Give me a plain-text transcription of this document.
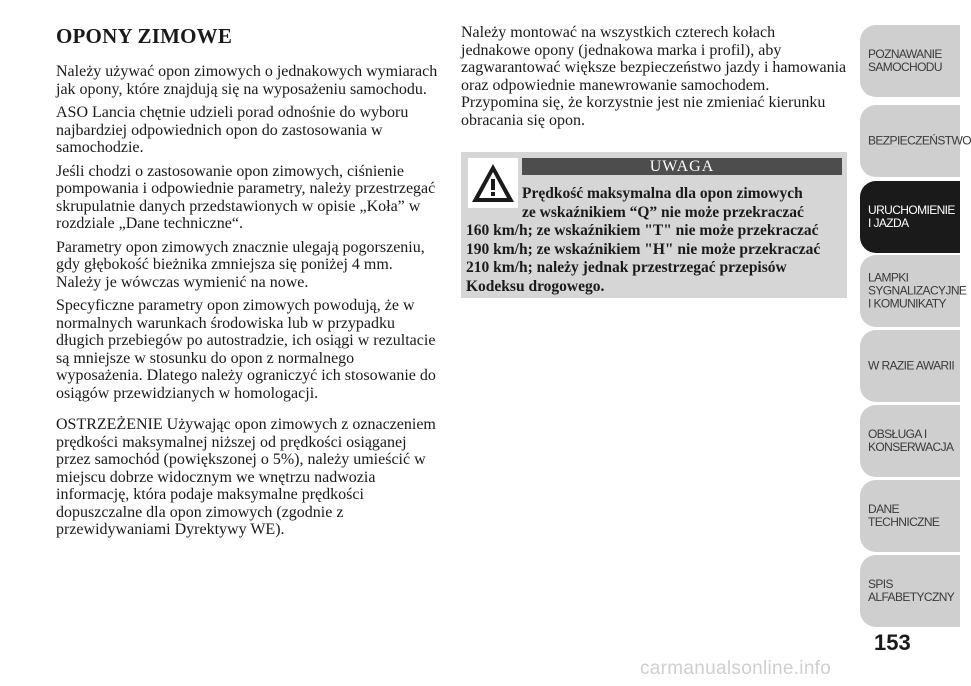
OPONY ZIMOWE

Należy używać opon zimowych o jednakowych wymiarach jak opony, które znajdują się na wyposażeniu samochodu.

ASO Lancia chętnie udzieli porad odnośnie do wyboru najbardziej odpowiednich opon do zastosowania w samochodzie.

Jeśli chodzi o zastosowanie opon zimowych, ciśnienie pompowania i odpowiednie parametry, należy przestrzegać skrupulatnie danych przedstawionych w opisie „Koła” w rozdziale „Dane techniczne“.

Parametry opon zimowych znacznie ulegają pogorszeniu, gdy głębokość bieżnika zmniejsza się poniżej 4 mm. Należy je wówczas wymienić na nowe.

Specyficzne parametry opon zimowych powodują, że w normalnych warunkach środowiska lub w przypadku długich przebiegów po autostradzie, ich osiągi w rezultacie są mniejsze w stosunku do opon z normalnego wyposażenia. Dlatego należy ograniczyć ich stosowanie do osiągów przewidzianych w homologacji.

OSTRZEŻENIE Używając opon zimowych z oznaczeniem prędkości maksymalnej niższej od prędkości osiąganej przez samochód (powiększonej o 5%), należy umieścić w miejscu dobrze widocznym we wnętrzu nadwozia informację, która podaje maksymalne prędkości dopuszczalne dla opon zimowych (zgodnie z przewidywaniami Dyrektywy WE).

Należy montować na wszystkich czterech kołach jednakowe opony (jednakowa marka i profil), aby zagwarantować większe bezpieczeństwo jazdy i hamowania oraz odpowiednie manewrowanie samochodem. Przypomina się, że korzystnie jest nie zmieniać kierunku obracania się opon.

UWAGA
Prędkość maksymalna dla opon zimowych
ze wskaźnikiem “Q” nie może przekraczać
160 km/h; ze wskaźnikiem "T" nie może przekraczać 190 km/h; ze wskaźnikiem "H" nie może przekraczać 210 km/h; należy jednak przestrzegać przepisów Kodeksu drogowego.
POZNAWANIE SAMOCHODU
BEZPIECZEŃSTWO
URUCHOMIENIE I JAZDA
LAMPKI SYGNALIZACYJNE I KOMUNIKATY
W RAZIE AWARII
OBSŁUGA I KONSERWACJA
DANE TECHNICZNE
SPIS ALFABETYCZNY
153
carmanualsonline.info
